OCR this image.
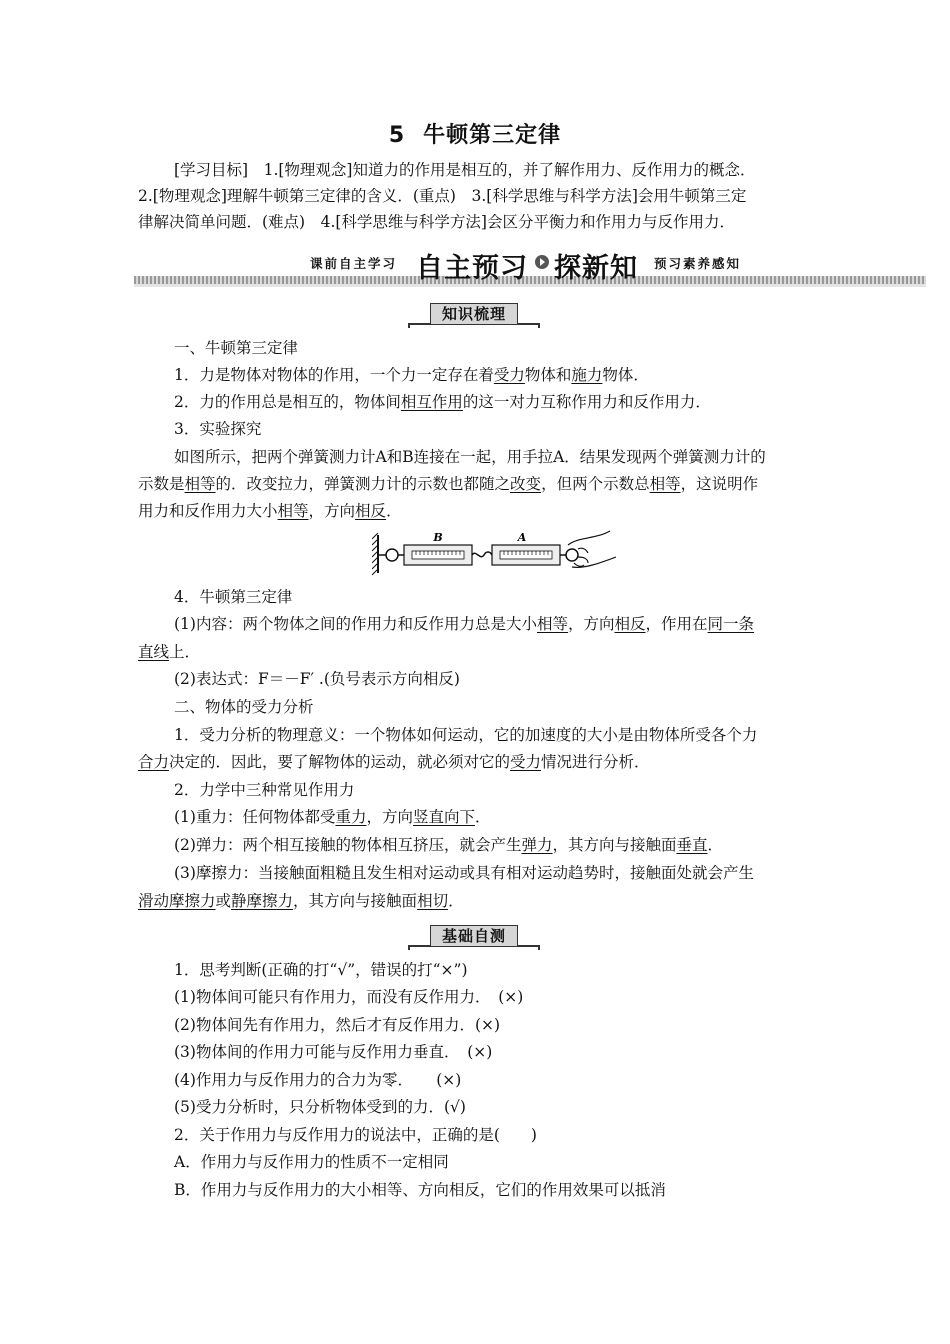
5 牛顿第三定律
[学习目标]　1.[物理观念]知道力的作用是相互的，并了解作用力、反作用力的概念．
2.[物理观念]理解牛顿第三定律的含义．(重点)　3.[科学思维与科学方法]会用牛顿第三定
律解决简单问题．(难点)　4.[科学思维与科学方法]会区分平衡力和作用力与反作用力．
课前自主学习 自主预习 探新知 预习素养感知
知识梳理
一、牛顿第三定律
1．力是物体对物体的作用，一个力一定存在着受力物体和施力物体．
2．力的作用总是相互的，物体间相互作用的这一对力互称作用力和反作用力．
3．实验探究
如图所示，把两个弹簧测力计A和B连接在一起，用手拉A．结果发现两个弹簧测力计的
示数是相等的．改变拉力，弹簧测力计的示数也都随之改变，但两个示数总相等，这说明作
用力和反作用力大小相等，方向相反．
B	A
4．牛顿第三定律
(1)内容：两个物体之间的作用力和反作用力总是大小相等，方向相反，作用在同一条
直线上．
(2)表达式：F＝－F′ .(负号表示方向相反)
二、物体的受力分析
1．受力分析的物理意义：一个物体如何运动，它的加速度的大小是由物体所受各个力
合力决定的．因此，要了解物体的运动，就必须对它的受力情况进行分析．
2．力学中三种常见作用力
(1)重力：任何物体都受重力，方向竖直向下．
(2)弹力：两个相互接触的物体相互挤压，就会产生弹力，其方向与接触面垂直．
(3)摩擦力：当接触面粗糙且发生相对运动或具有相对运动趋势时，接触面处就会产生
滑动摩擦力或静摩擦力，其方向与接触面相切．
基础自测
1．思考判断(正确的打“√”，错误的打“×”)
(1)物体间可能只有作用力，而没有反作用力．　(×)
(2)物体间先有作用力，然后才有反作用力．(×)
(3)物体间的作用力可能与反作用力垂直．　(×)
(4)作用力与反作用力的合力为零．　　(×)
(5)受力分析时，只分析物体受到的力．(√)
2．关于作用力与反作用力的说法中，正确的是(　　)
A．作用力与反作用力的性质不一定相同
B．作用力与反作用力的大小相等、方向相反，它们的作用效果可以抵消
